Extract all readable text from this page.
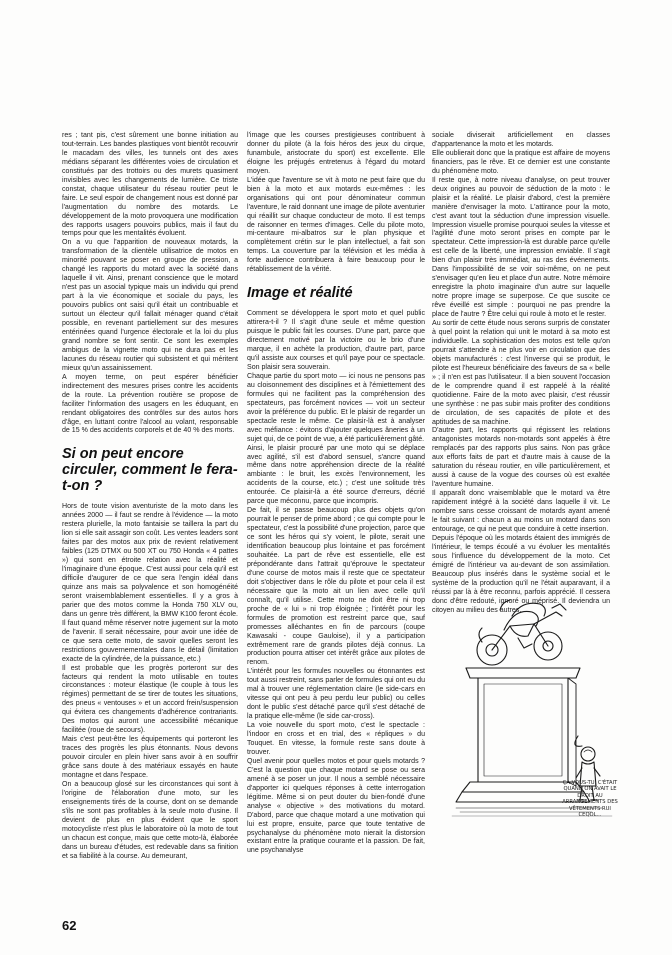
res ; tant pis, c'est sûrement une bonne initiation au tout-terrain. Les bandes plastiques vont bientôt recouvrir le macadam des villes, les tunnels ont des axes médians séparant les différentes voies de circulation et constitués par des trottoirs ou des murets quasiment invisibles avec les changements de lumière. Ce triste constat, chaque utilisateur du réseau routier peut le faire. Le seul espoir de changement nous est donné par l'augmentation du nombre des motards. Le développement de la moto provoquera une modification des rapports usagers pouvoirs publics, mais il faut du temps pour que les mentalités évoluent.

On a vu que l'apparition de nouveaux motards, la transformation de la clientèle utilisatrice de motos en minorité pouvant se poser en groupe de pression, a changé les rapports du motard avec la société dans laquelle il vit. Ainsi, prenant conscience que le motard n'est pas un asocial typique mais un individu qui prend part à la vie économique et sociale du pays, les pouvoirs publics ont saisi qu'il était un contribuable et surtout un électeur qu'il fallait ménager quand c'était possible, en revenant partiellement sur des mesures entérinées quand l'urgence électorale et la loi du plus grand nombre se font sentir. Ce sont les exemples ambigus de la vignette moto qui ne dura pas et les lacunes du réseau routier qui subsistent et qui méritent mieux qu'un assainissement.

A moyen terme, on peut espérer bénéficier indirectement des mesures prises contre les accidents de la route. La prévention routière se propose de faciliter l'information des usagers en les éduquant, en rendant obligatoires des contrôles sur des autos hors d'âge, en luttant contre l'alcool au volant, responsable de 15 % des accidents corporels et de 40 % des morts.

Si on peut encore circuler, comment le fera-t-on ?

Hors de toute vision aventuriste de la moto dans les années 2000 — il faut se rendre à l'évidence — la moto restera plurielle, la moto fantaisie se taillera la part du lion si elle sait assagir son coût. Les ventes leaders sont faites par des motos aux prix de revient relativement faibles (125 DTMX ou 500 XT ou 750 Honda « 4 pattes ») qui sont en étroite relation avec la réalité et l'imaginaire d'une époque. C'est aussi pour cela qu'il est difficile d'augurer de ce que sera l'engin idéal dans quinze ans mais sa polyvalence et son homogénéité seront vraisemblablement essentielles. Il y a gros à parier que des motos comme la Honda 750 XLV ou, dans un genre très différent, la BMW K100 feront école. Il faut quand même réserver notre jugement sur la moto de l'avenir. Il serait nécessaire, pour avoir une idée de ce que sera cette moto, de savoir quelles seront les restrictions gouvernementales dans le détail (limitation exacte de la cylindrée, de la puissance, etc.)

Il est probable que les progrès porteront sur des facteurs qui rendent la moto utilisable en toutes circonstances : moteur élastique (le couple à tous les régimes) permettant de se tirer de toutes les situations, des pneus « ventouses » et un accord frein/suspension qui évitera ces changements d'adhérence contrariants. Des motos qui auront une accessibilité mécanique facilitée (roue de secours).

Mais c'est peut-être les équipements qui porteront les traces des progrès les plus étonnants. Nous devons pouvoir circuler en plein hiver sans avoir à en souffrir grâce sans doute à des matériaux essayés en haute montagne et dans l'espace.

On a beaucoup glosé sur les circonstances qui sont à l'origine de l'élaboration d'une moto, sur les enseignements tirés de la course, dont on se demande s'ils ne sont pas profitables à la seule moto d'usine. Il devient de plus en plus évident que le sport motocycliste n'est plus le laboratoire où la moto de tout un chacun est conçue, mais que cette moto-là, élaborée dans un bureau d'études, est redevable dans sa finition et sa fiabilité à la course. Au demeurant,

l'image que les courses prestigieuses contribuent à donner du pilote (à la fois héros des jeux du cirque, funambule, aristocrate du sport) est excellente. Elle éloigne les préjugés entretenus à l'égard du motard moyen.

L'idée que l'aventure se vit à moto ne peut faire que du bien à la moto et aux motards eux-mêmes : les organisations qui ont pour dénominateur commun l'aventure, le raid donnant une image de pilote aventurier qui réaillit sur chaque conducteur de moto. Il est temps de raisonner en termes d'images. Celle du pilote moto, mi-centaure mi-albatros sur le plan physique et complètement crétin sur le plan intellectuel, a fait son temps. La couverture par la télévision et les média à forte audience contribuera à faire beaucoup pour le rétablissement de la vérité.

Image et réalité

Comment se développera le sport moto et quel public attirera-t-il ? Il s'agit d'une seule et même question puisque le public fait les courses. D'une part, parce que directement motivé par la victoire ou le brio d'une marque, il en achète la production, d'autre part, parce qu'il assiste aux courses et qu'il paye pour ce spectacle. Son plaisir sera souverain.

Chaque partie du sport moto — ici nous ne pensons pas au cloisonnement des disciplines et à l'émiettement des formules qui ne facilitent pas la compréhension des spectateurs, pas forcément novices — voit un secteur avoir la préférence du public. Et le plaisir de regarder un spectacle reste le même. Ce plaisir-là est à analyser avec méfiance : évitons d'ajouter quelques âneries à un sujet qui, de ce point de vue, a été particulièrement gâté.

Ainsi, le plaisir procuré par une moto qui se déplace avec agilité, s'il est d'abord sensuel, s'ancre quand même dans notre appréhension directe de la réalité ambiante : le bruit, les excès l'environnement, les accidents de la course, etc.) ; c'est une solitude très entourée. Ce plaisir-là a été source d'erreurs, décrié parce que méconnu, parce que incompris.

De fait, il se passe beaucoup plus des objets qu'on pourrait le penser de prime abord ; ce qui compte pour le spectateur, c'est la possibilité d'une projection, parce que ce sont les héros qui s'y voient, le pilote, serait une identification beaucoup plus lointaine et pas forcément souhaitée. La part de rêve est essentielle, elle est prépondérante dans l'attrait qu'éprouve le spectateur d'une course de motos mais il reste que ce spectateur doit s'objectiver dans le rôle du pilote et pour cela il est nécessaire que la moto ait un lien avec celle qu'il connaît, qu'il utilise. Cette moto ne doit être ni trop proche de « lui » ni trop éloignée ; l'intérêt pour les formules de promotion est restreint parce que, sauf promesses alléchantes en fin de parcours (coupe Kawasaki - coupe Gauloise), il y a participation extrêmement rare de grands pilotes déjà connus. La production pourra attiser cet intérêt grâce aux pilotes de renom.

L'intérêt pour les formules nouvelles ou étonnantes est tout aussi restreint, sans parler de formules qui ont eu du mal à trouver une réglementation claire (le side-cars en vitesse qui ont peu à peu perdu leur public) ou celles dont le public s'est détaché parce qu'il s'est détaché de la pratique elle-même (le side car-cross).

La voie nouvelle du sport moto, c'est le spectacle : l'indoor en cross et en trial, des « répliques » du Touquet. En vitesse, la formule reste sans doute à trouver.

Quel avenir pour quelles motos et pour quels motards ? C'est la question que chaque motard se pose ou sera amené à se poser un jour. Il nous a semblé nécessaire d'apporter ici quelques réponses à cette interrogation légitime. Même si on peut douter du bien-fondé d'une analyse « objective » des motivations du motard. D'abord, parce que chaque motard a une motivation qui lui est propre, ensuite, parce que toute tentative de psychanalyse du phénomène moto nierait la distorsion existant entre la pratique courante et la passion. De fait, une psychanalyse

sociale diviserait artificiellement en classes d'appartenance la moto et les motards.

Elle oublierait donc que la pratique est affaire de moyens financiers, pas le rêve. Et ce dernier est une constante du phénomène moto.

Il reste que, à notre niveau d'analyse, on peut trouver deux origines au pouvoir de séduction de la moto : le plaisir et la réalité. Le plaisir d'abord, c'est la première manière d'envisager la moto. L'attirance pour la moto, c'est avant tout la séduction d'une impression visuelle. Impression visuelle promise pourquoi seules la vitesse et l'agilité d'une moto seront prises en compte par le spectateur. Cette impression-là est durable parce qu'elle est celle de la liberté, une impression enviable. Il s'agit bien d'un plaisir très immédiat, au ras des événements. Dans l'impossibilité de se voir soi-même, on ne peut s'envisager qu'en lieu et place d'un autre. Notre mémoire enregistre la photo imaginaire d'un autre sur laquelle notre propre image se superpose. Ce que suscite ce rêve éveillé est simple : pourquoi ne pas prendre la place de l'autre ? Être celui qui roule à moto et le rester.

Au sortir de cette étude nous serons surpris de constater à quel point la relation qui unit le motard à sa moto est individuelle. La sophistication des motos est telle qu'on pourrait s'attendre à ne plus voir en circulation que des objets manufacturés : c'est l'inverse qui se produit, le pilote est l'heureux bénéficiaire des faveurs de sa « belle » ; il n'en est pas l'utilisateur. Il a bien souvent l'occasion de le comprendre quand il est rappelé à la réalité quotidienne. Faire de la moto avec plaisir, c'est réussir une synthèse : ne pas subir mais profiter des conditions de circulation, de ses capacités de pilote et des aptitudes de sa machine.

D'autre part, les rapports qui régissent les relations antagonistes motards non-motards sont appelés à être remplacés par des rapports plus sains. Non pas grâce aux efforts faits de part et d'autre mais à cause de la saturation du réseau routier, en ville particulièrement, et aussi à cause de la vogue des courses où est exaltée l'aventure humaine.

Il apparaît donc vraisemblable que le motard va être rapidement intégré à la société dans laquelle il vit. Le nombre sans cesse croissant de motards ayant amené le fait suivant : chacun a au moins un motard dans son entourage, ce qui ne peut que conduire à cette insertion.

Depuis l'époque où les motards étaient des immigrés de l'intérieur, le temps écoulé a vu évoluer les mentalités sous l'influence du développement de la moto. Cet émigré de l'intérieur va au-devant de son assimilation. Beaucoup plus insérés dans le système social et le système de la production qu'il ne l'était auparavant, il a réussi par là à être reconnu, parfois apprécié. Il cessera donc d'être redouté, ignoré ou méprisé. Il deviendra un citoyen au milieu des autres.

ÇA VOUS-TU, C'ÉTAIT QUAND ON AVAIT LE DROIT AU ARRANGEMENTS DES VÊTEMENTS RUI CEQOL...
62
